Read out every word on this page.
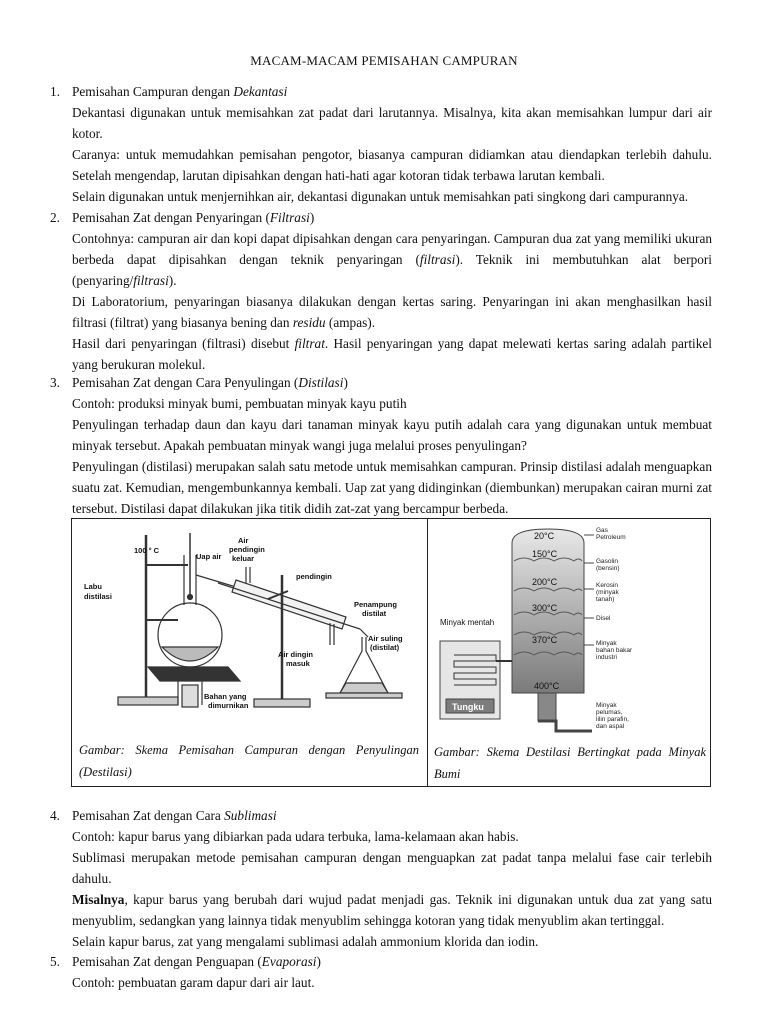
MACAM-MACAM PEMISAHAN CAMPURAN
1. Pemisahan Campuran dengan Dekantasi

Dekantasi digunakan untuk memisahkan zat padat dari larutannya. Misalnya, kita akan memisahkan lumpur dari air kotor.

Caranya: untuk memudahkan pemisahan pengotor, biasanya campuran didiamkan atau diendapkan terlebih dahulu. Setelah mengendap, larutan dipisahkan dengan hati-hati agar kotoran tidak terbawa larutan kembali.

Selain digunakan untuk menjernihkan air, dekantasi digunakan untuk memisahkan pati singkong dari campurannya.

2. Pemisahan Zat dengan Penyaringan (Filtrasi)

Contohnya: campuran air dan kopi dapat dipisahkan dengan cara penyaringan. Campuran dua zat yang memiliki ukuran berbeda dapat dipisahkan dengan teknik penyaringan (filtrasi). Teknik ini membutuhkan alat berpori (penyaring/filtrasi).

Di Laboratorium, penyaringan biasanya dilakukan dengan kertas saring. Penyaringan ini akan menghasilkan hasil filtrasi (filtrat) yang biasanya bening dan residu (ampas).

Hasil dari penyaringan (filtrasi) disebut filtrat. Hasil penyaringan yang dapat melewati kertas saring adalah partikel yang berukuran molekul.

3. Pemisahan Zat dengan Cara Penyulingan (Distilasi)

Contoh: produksi minyak bumi, pembuatan minyak kayu putih

Penyulingan terhadap daun dan kayu dari tanaman minyak kayu putih adalah cara yang digunakan untuk membuat minyak tersebut. Apakah pembuatan minyak wangi juga melalui proses penyulingan?

Penyulingan (distilasi) merupakan salah satu metode untuk memisahkan campuran. Prinsip distilasi adalah menguapkan suatu zat. Kemudian, mengembunkannya kembali. Uap zat yang didinginkan (diembunkan) merupakan cairan murni zat tersebut. Distilasi dapat dilakukan jika titik didih zat-zat yang bercampur berbeda.

100 ° C
Uap air
Air
pendingin
keluar
pendingin
Labu
distilasi
Penampung
distilat
Air suling
(distilat)
Air dingin
masuk
Bahan yang
dimurnikan
20°C
150°C
200°C
300°C
370°C
400°C
Gas
Petroleum
Gasolin
(bensin)
Kerosin
(minyak
tanah)
Disel
Minyak
bahan bakar
industri
Minyak
pelumas,
lilin parafin,
dan aspal
Minyak mentah
Tungku
Gambar: Skema Pemisahan Campuran dengan Penyulingan (Destilasi)
Gambar: Skema Destilasi Bertingkat pada Minyak Bumi
4. Pemisahan Zat dengan Cara Sublimasi

Contoh: kapur barus yang dibiarkan pada udara terbuka, lama-kelamaan akan habis.

Sublimasi merupakan metode pemisahan campuran dengan menguapkan zat padat tanpa melalui fase cair terlebih dahulu.

Misalnya, kapur barus yang berubah dari wujud padat menjadi gas. Teknik ini digunakan untuk dua zat yang satu menyublim, sedangkan yang lainnya tidak menyublim sehingga kotoran yang tidak menyublim akan tertinggal.

Selain kapur barus, zat yang mengalami sublimasi adalah ammonium klorida dan iodin.

5. Pemisahan Zat dengan Penguapan (Evaporasi)

Contoh: pembuatan garam dapur dari air laut.
